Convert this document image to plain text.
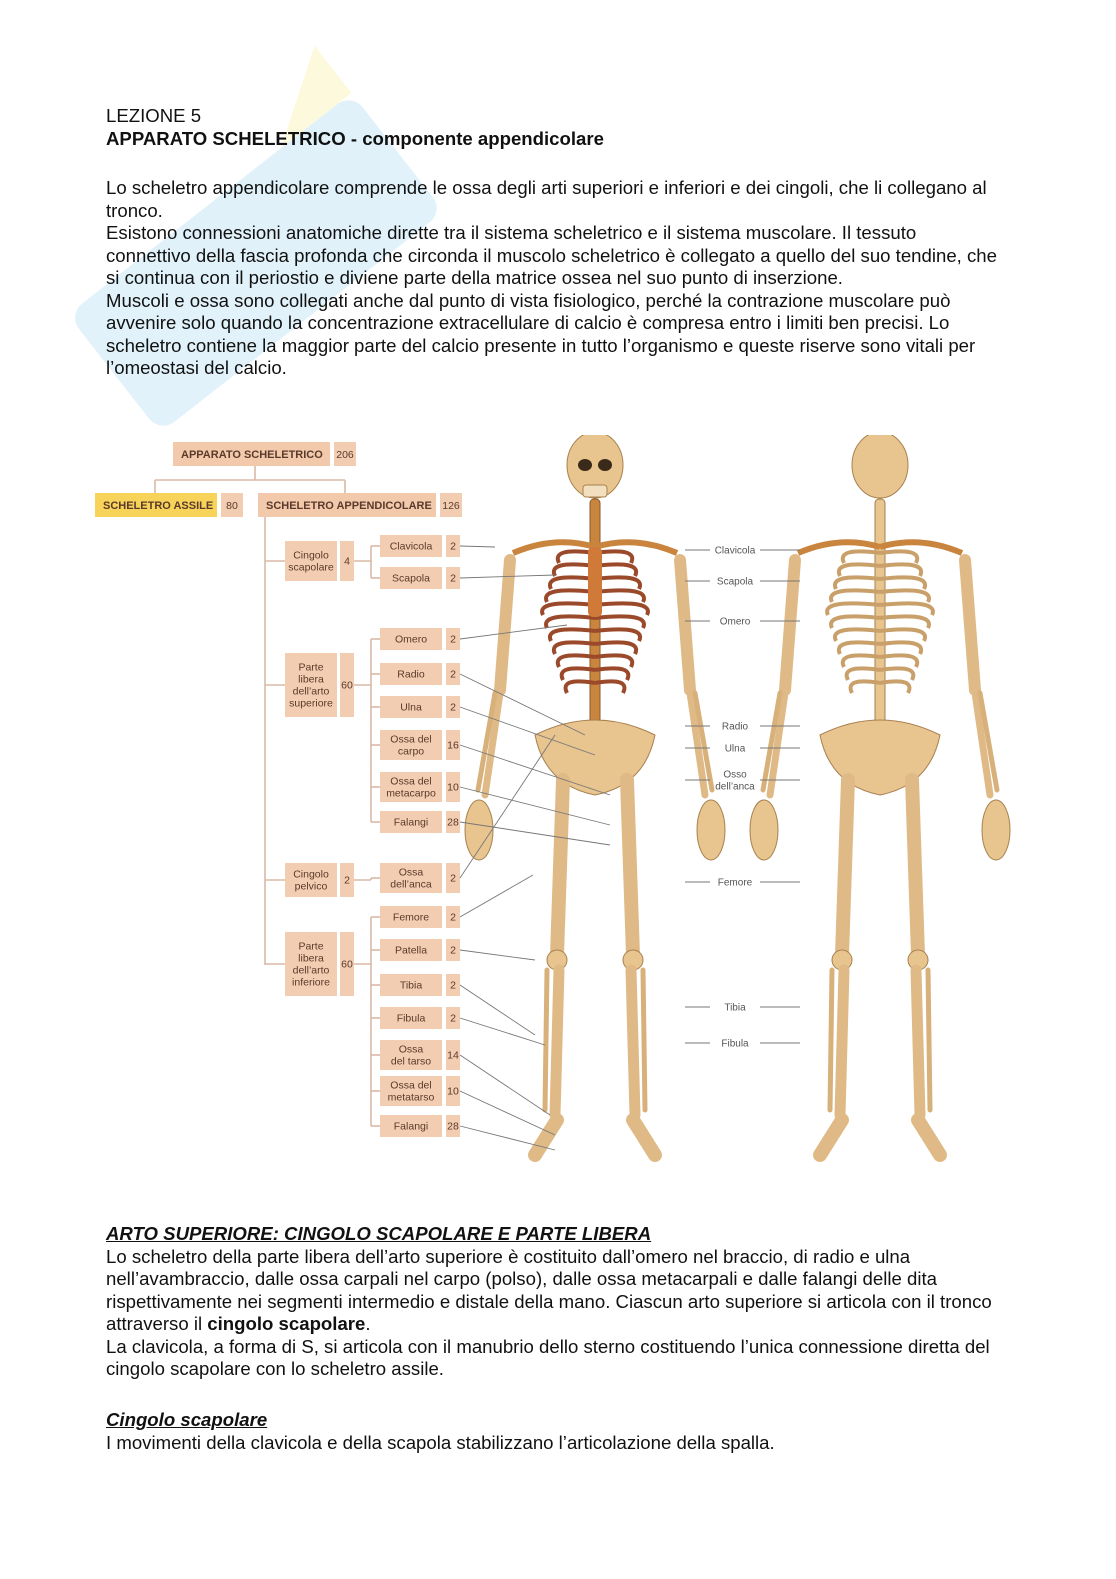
LEZIONE 5
APPARATO SCHELETRICO - componente appendicolare

Lo scheletro appendicolare comprende le ossa degli arti superiori e inferiori e dei cingoli, che li collegano al tronco.

Esistono connessioni anatomiche dirette tra il sistema scheletrico e il sistema muscolare. Il tessuto connettivo della fascia profonda che circonda il muscolo scheletrico è collegato a quello del suo tendine, che si continua con il periostio e diviene parte della matrice ossea nel suo punto di inserzione.

Muscoli e ossa sono collegati anche dal punto di vista fisiologico, perché la contrazione muscolare può avvenire solo quando la concentrazione extracellulare di calcio è compresa entro i limiti ben precisi. Lo scheletro contiene la maggior parte del calcio presente in tutto l’organismo e queste riserve sono vitali per l’omeostasi del calcio.

APPARATO SCHELETRICO 206
SCHELETRO ASSILE 80	SCHELETRO APPENDICOLARE 126
Cingolo scapolare 4
Parte libera dell’arto superiore
60
Cingolo pelvico 2
Parte libera dell’arto inferiore
60
Clavicola 2
Scapola 2
Omero 2
Radio 2
Ulna	2
Ossa del carpo	16
Ossa del metacarpo 10
Falangi 28
Ossa dell’anca 2
Femore 2
Patella 2
Tibia	2
Fibula 2
Ossa del tarso 14
Ossa del metatarso 10
Falangi 28
Clavicola
Scapola
Omero
Radio
Ulna
Osso dell’anca
Femore
Tibia
Fibula
ARTO SUPERIORE: CINGOLO SCAPOLARE E PARTE LIBERA

Lo scheletro della parte libera dell’arto superiore è costituito dall’omero nel braccio, di radio e ulna nell’avambraccio, dalle ossa carpali nel carpo (polso), dalle ossa metacarpali e dalle falangi delle dita rispettivamente nei segmenti intermedio e distale della mano. Ciascun arto superiore si articola con il tronco attraverso il cingolo scapolare.

La clavicola, a forma di S, si articola con il manubrio dello sterno costituendo l’unica connessione diretta del cingolo scapolare con lo scheletro assile.

Cingolo scapolare

I movimenti della clavicola e della scapola stabilizzano l’articolazione della spalla.
